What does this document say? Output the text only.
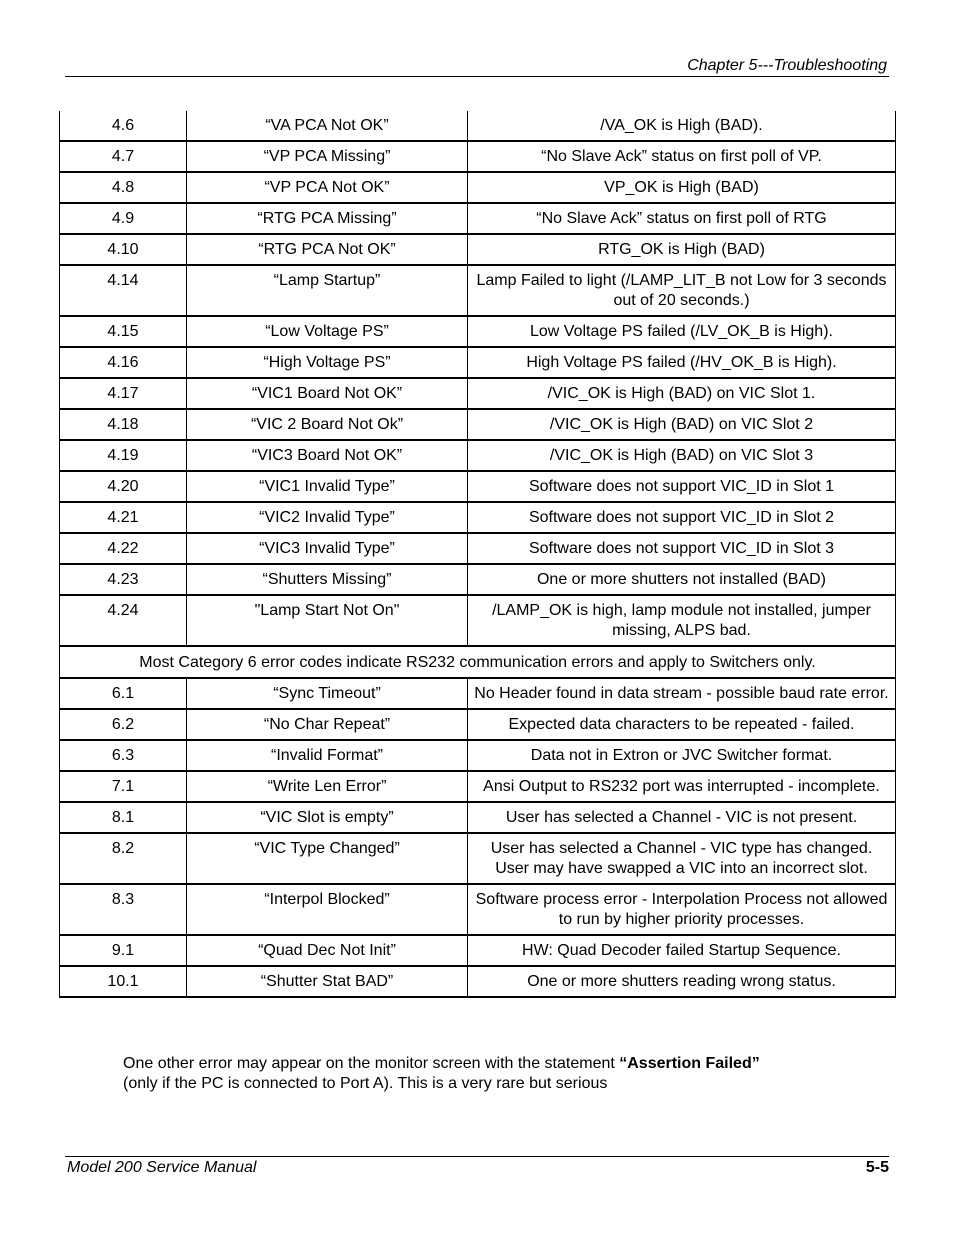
Chapter 5---Troubleshooting
4.6	“VA PCA Not OK”	/VA_OK is High (BAD).
4.7	“VP PCA Missing”	“No Slave Ack” status on first poll of VP.
4.8	“VP PCA Not OK”	VP_OK is High (BAD)
4.9	“RTG PCA Missing”	“No Slave Ack” status on first poll of RTG
4.10	“RTG PCA Not OK”	RTG_OK is High (BAD)
4.14	“Lamp Startup”	Lamp Failed to light (/LAMP_LIT_B not Low for 3 seconds out of 20 seconds.)
4.15	“Low Voltage PS”	Low Voltage PS failed (/LV_OK_B is High).
4.16	“High Voltage PS”	High Voltage PS failed (/HV_OK_B is High).
4.17	“VIC1 Board Not OK”	/VIC_OK is High (BAD) on VIC Slot 1.
4.18	“VIC 2 Board Not Ok”	/VIC_OK is High (BAD) on VIC Slot 2
4.19	“VIC3 Board Not OK”	/VIC_OK is High (BAD) on VIC Slot 3
4.20	“VIC1 Invalid Type”	Software does not support VIC_ID in Slot 1
4.21	“VIC2 Invalid Type”	Software does not support VIC_ID in Slot 2
4.22	“VIC3 Invalid Type”	Software does not support VIC_ID in Slot 3
4.23	“Shutters Missing”	One or more shutters not installed (BAD)
4.24	"Lamp Start Not On"	/LAMP_OK is high, lamp module not installed, jumper missing, ALPS bad.
Most Category 6 error codes indicate RS232 communication errors and apply to Switchers only.		
6.1	“Sync Timeout”	No Header found in data stream - possible baud rate error.
6.2	“No Char Repeat”	Expected data characters to be repeated - failed.
6.3	“Invalid Format”	Data not in Extron or JVC Switcher format.
7.1	“Write Len Error”	Ansi Output to RS232 port was interrupted - incomplete.
8.1	“VIC Slot is empty”	User has selected a Channel - VIC is not present.
8.2	“VIC Type Changed”	User has selected a Channel - VIC type has changed. User may have swapped a VIC into an incorrect slot.
8.3	“Interpol Blocked”	Software process error - Interpolation Process not allowed to run by higher priority processes.
9.1	“Quad Dec Not Init”	HW: Quad Decoder failed Startup Sequence.
10.1	“Shutter Stat BAD”	One or more shutters reading wrong status.
One other error may appear on the monitor screen with the statement “Assertion Failed” (only if the PC is connected to Port A). This is a very rare but serious
Model 200 Service Manual	5-5
